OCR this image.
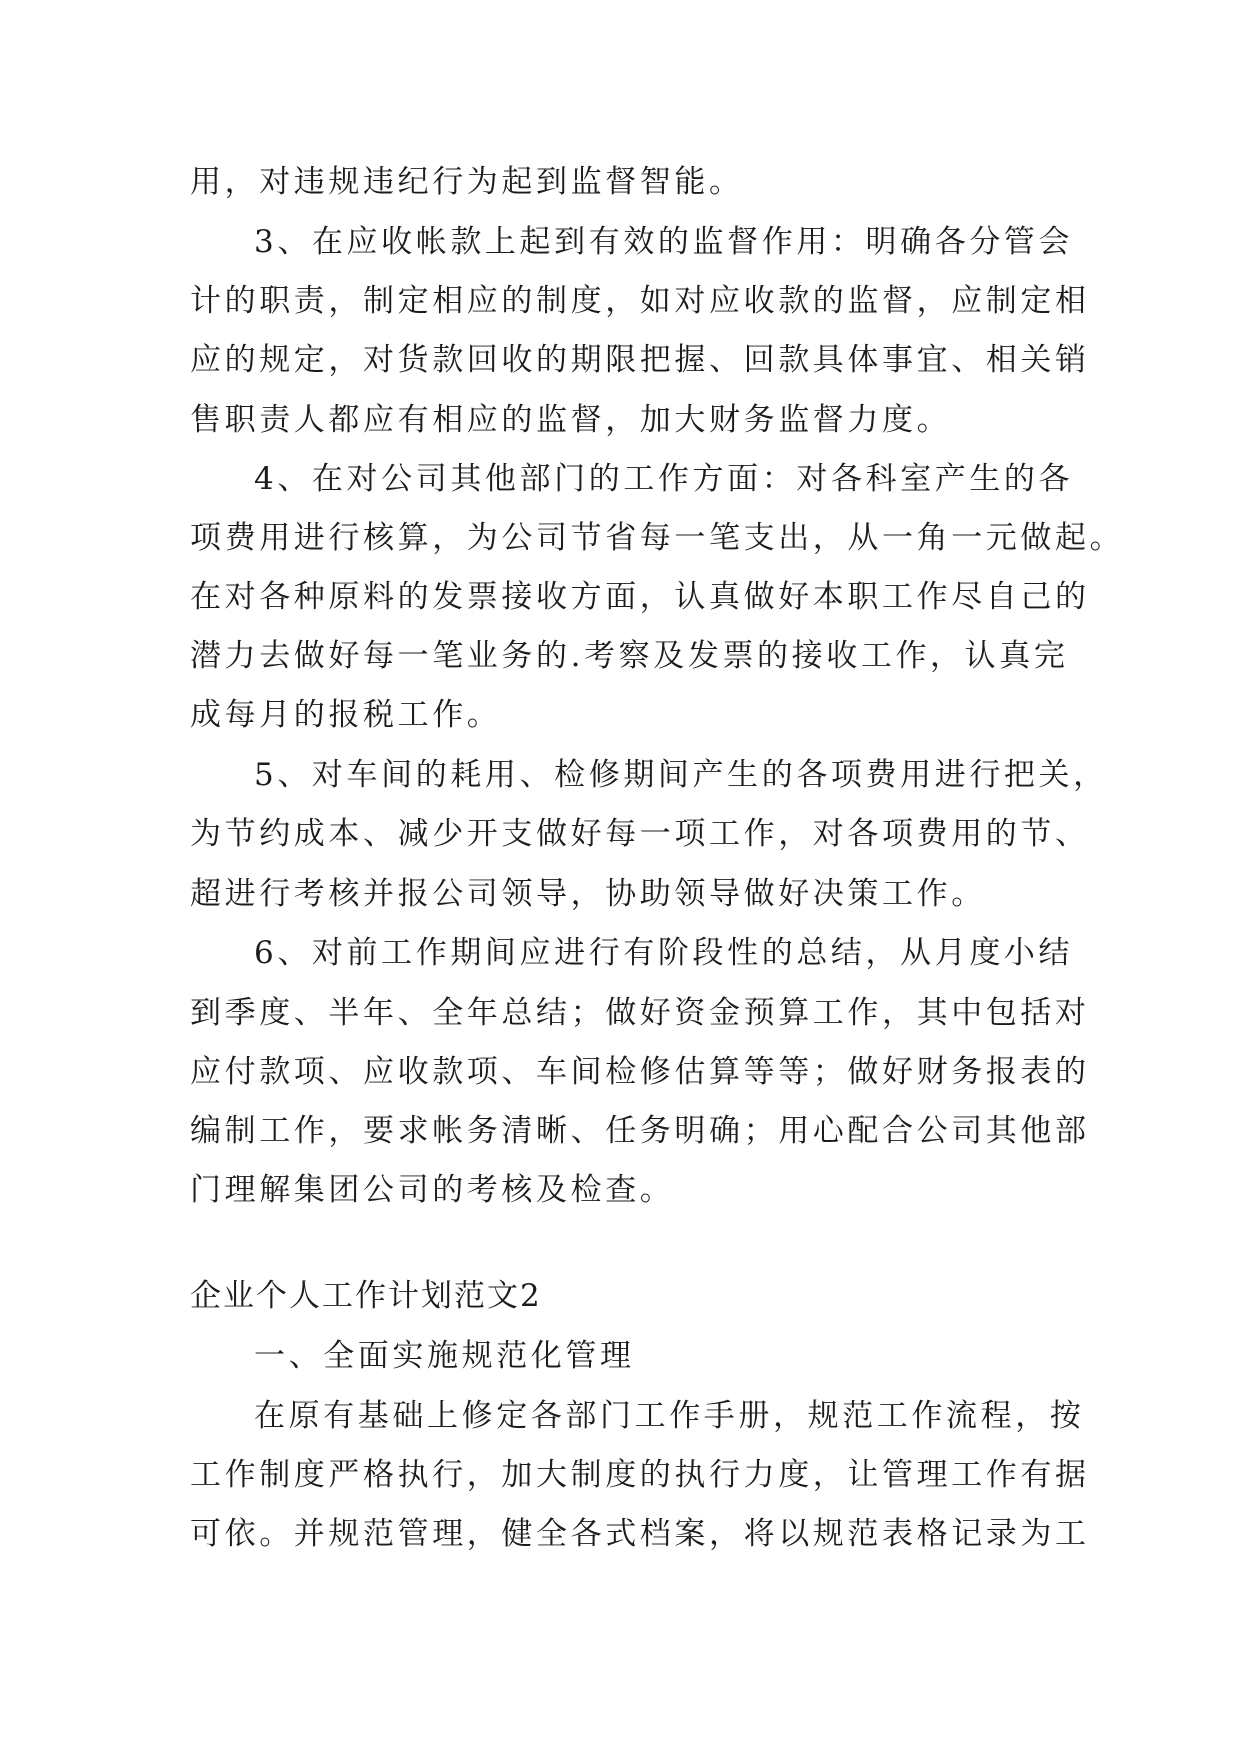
用，对违规违纪行为起到监督智能。
3、在应收帐款上起到有效的监督作用：明确各分管会
计的职责，制定相应的制度，如对应收款的监督，应制定相
应的规定，对货款回收的期限把握、回款具体事宜、相关销
售职责人都应有相应的监督，加大财务监督力度。
4、在对公司其他部门的工作方面：对各科室产生的各
项费用进行核算，为公司节省每一笔支出，从一角一元做起。
在对各种原料的发票接收方面，认真做好本职工作尽自己的
潜力去做好每一笔业务的.考察及发票的接收工作，认真完
成每月的报税工作。
5、对车间的耗用、检修期间产生的各项费用进行把关，
为节约成本、减少开支做好每一项工作，对各项费用的节、
超进行考核并报公司领导，协助领导做好决策工作。
6、对前工作期间应进行有阶段性的总结，从月度小结
到季度、半年、全年总结；做好资金预算工作，其中包括对
应付款项、应收款项、车间检修估算等等；做好财务报表的
编制工作，要求帐务清晰、任务明确；用心配合公司其他部
门理解集团公司的考核及检查。
企业个人工作计划范文2
一、全面实施规范化管理
在原有基础上修定各部门工作手册，规范工作流程，按
工作制度严格执行，加大制度的执行力度，让管理工作有据
可依。并规范管理，健全各式档案，将以规范表格记录为工
